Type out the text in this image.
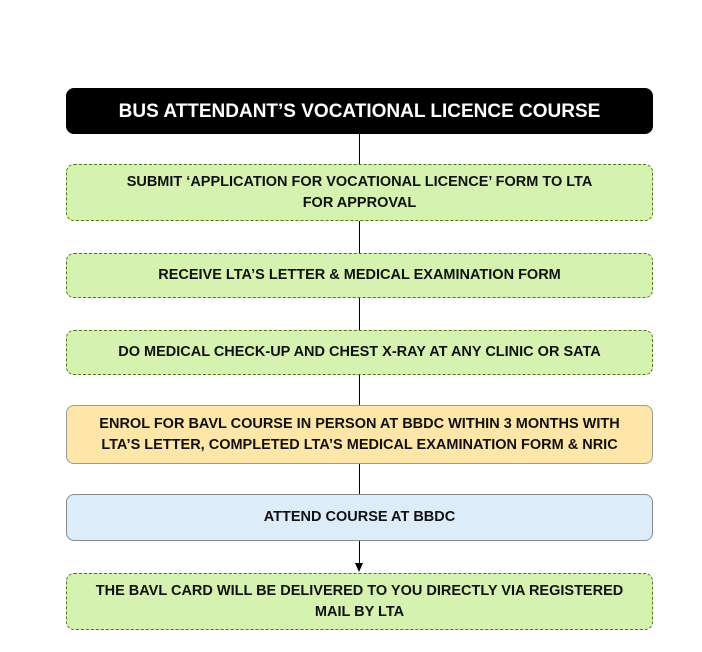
BUS ATTENDANT’S VOCATIONAL LICENCE COURSE
SUBMIT ‘APPLICATION FOR VOCATIONAL LICENCE’ FORM TO LTA
FOR APPROVAL
RECEIVE LTA’S LETTER & MEDICAL EXAMINATION FORM
DO MEDICAL CHECK-UP AND CHEST X-RAY AT ANY CLINIC OR SATA
ENROL FOR BAVL COURSE IN PERSON AT BBDC WITHIN 3 MONTHS WITH
LTA’S LETTER, COMPLETED LTA’S MEDICAL EXAMINATION FORM & NRIC
ATTEND COURSE AT BBDC
THE BAVL CARD WILL BE DELIVERED TO YOU DIRECTLY VIA REGISTERED
MAIL BY LTA
